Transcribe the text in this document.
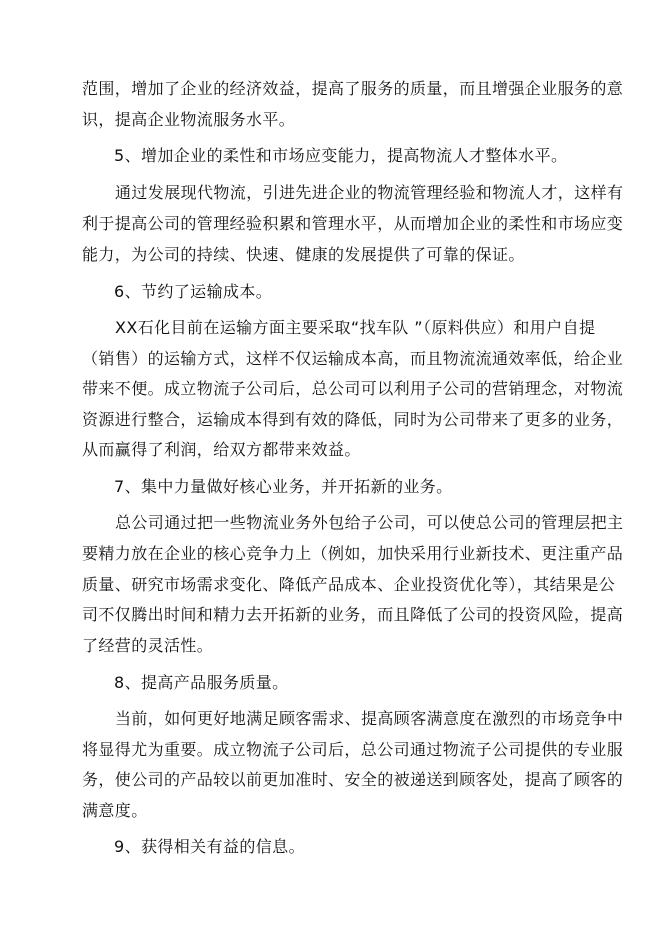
范围，增加了企业的经济效益，提高了服务的质量，而且增强企业服务的意
识，提高企业物流服务水平。
5、增加企业的柔性和市场应变能力，提高物流人才整体水平。
通过发展现代物流，引进先进企业的物流管理经验和物流人才，这样有
利于提高公司的管理经验积累和管理水平，从而增加企业的柔性和市场应变
能力，为公司的持续、快速、健康的发展提供了可靠的保证。
6、节约了运输成本。
XX石化目前在运输方面主要采取“找车队 ”（原料供应）和用户自提
（销售）的运输方式，这样不仅运输成本高，而且物流流通效率低，给企业
带来不便。成立物流子公司后，总公司可以利用子公司的营销理念，对物流
资源进行整合，运输成本得到有效的降低，同时为公司带来了更多的业务，
从而赢得了利润，给双方都带来效益。
7、集中力量做好核心业务，并开拓新的业务。
总公司通过把一些物流业务外包给子公司，可以使总公司的管理层把主
要精力放在企业的核心竞争力上（例如，加快采用行业新技术、更注重产品
质量、研究市场需求变化、降低产品成本、企业投资优化等），其结果是公
司不仅腾出时间和精力去开拓新的业务，而且降低了公司的投资风险，提高
了经营的灵活性。
8、提高产品服务质量。
当前，如何更好地满足顾客需求、提高顾客满意度在激烈的市场竞争中
将显得尤为重要。成立物流子公司后，总公司通过物流子公司提供的专业服
务，使公司的产品较以前更加准时、安全的被递送到顾客处，提高了顾客的
满意度。
9、获得相关有益的信息。
